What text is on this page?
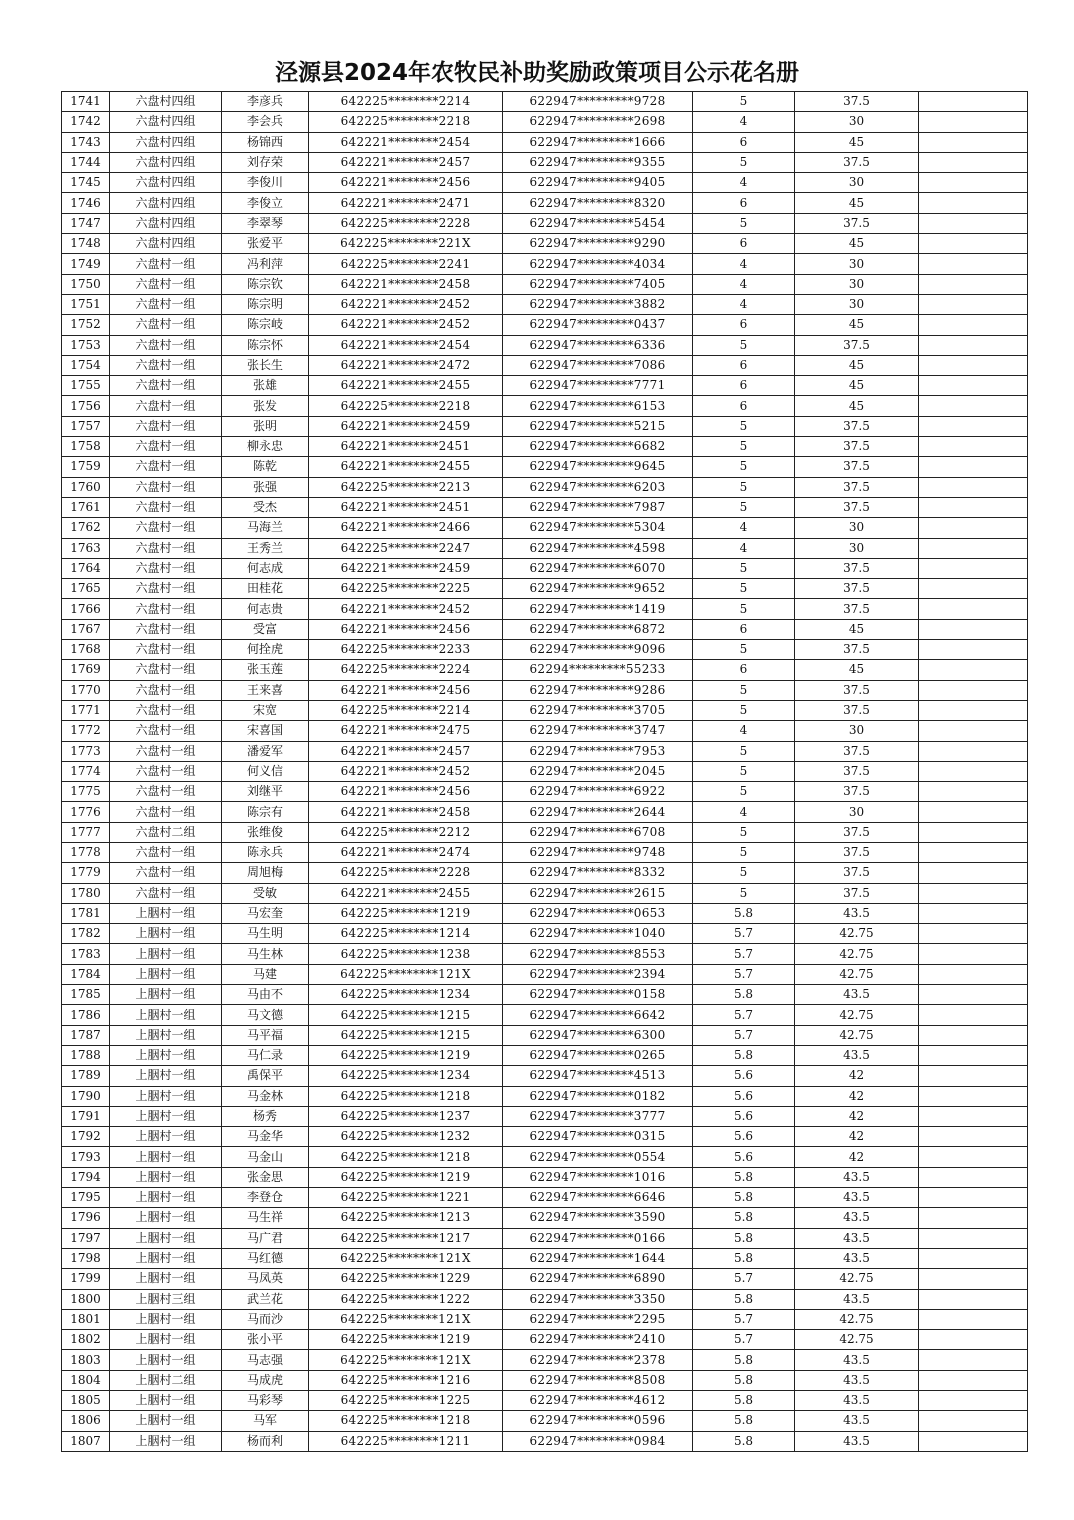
泾源县2024年农牧民补助奖励政策项目公示花名册
1741	六盘村四组	李彦兵	642225********2214	622947*********9728	5	37.5	
1742	六盘村四组	李会兵	642225********2218	622947*********2698	4	30	
1743	六盘村四组	杨锦西	642221********2454	622947*********1666	6	45	
1744	六盘村四组	刘存荣	642221********2457	622947*********9355	5	37.5	
1745	六盘村四组	李俊川	642221********2456	622947*********9405	4	30	
1746	六盘村四组	李俊立	642221********2471	622947*********8320	6	45	
1747	六盘村四组	李翠琴	642225********2228	622947*********5454	5	37.5	
1748	六盘村四组	张爱平	642225********221X	622947*********9290	6	45	
1749	六盘村一组	冯利萍	642225********2241	622947*********4034	4	30	
1750	六盘村一组	陈宗钦	642221********2458	622947*********7405	4	30	
1751	六盘村一组	陈宗明	642221********2452	622947*********3882	4	30	
1752	六盘村一组	陈宗岐	642221********2452	622947*********0437	6	45	
1753	六盘村一组	陈宗怀	642221********2454	622947*********6336	5	37.5	
1754	六盘村一组	张长生	642221********2472	622947*********7086	6	45	
1755	六盘村一组	张雄	642221********2455	622947*********7771	6	45	
1756	六盘村一组	张发	642225********2218	622947*********6153	6	45	
1757	六盘村一组	张明	642221********2459	622947*********5215	5	37.5	
1758	六盘村一组	柳永忠	642221********2451	622947*********6682	5	37.5	
1759	六盘村一组	陈乾	642221********2455	622947*********9645	5	37.5	
1760	六盘村一组	张强	642225********2213	622947*********6203	5	37.5	
1761	六盘村一组	受杰	642221********2451	622947*********7987	5	37.5	
1762	六盘村一组	马海兰	642221********2466	622947*********5304	4	30	
1763	六盘村一组	王秀兰	642225********2247	622947*********4598	4	30	
1764	六盘村一组	何志成	642221********2459	622947*********6070	5	37.5	
1765	六盘村一组	田桂花	642225********2225	622947*********9652	5	37.5	
1766	六盘村一组	何志贵	642221********2452	622947*********1419	5	37.5	
1767	六盘村一组	受富	642221********2456	622947*********6872	6	45	
1768	六盘村一组	何拴虎	642225********2233	622947*********9096	5	37.5	
1769	六盘村一组	张玉莲	642225********2224	62294*********55233	6	45	
1770	六盘村一组	王来喜	642221********2456	622947*********9286	5	37.5	
1771	六盘村一组	宋宽	642225********2214	622947*********3705	5	37.5	
1772	六盘村一组	宋喜国	642221********2475	622947*********3747	4	30	
1773	六盘村一组	潘爱军	642221********2457	622947*********7953	5	37.5	
1774	六盘村一组	何义信	642221********2452	622947*********2045	5	37.5	
1775	六盘村一组	刘继平	642221********2456	622947*********6922	5	37.5	
1776	六盘村一组	陈宗有	642221********2458	622947*********2644	4	30	
1777	六盘村二组	张维俊	642225********2212	622947*********6708	5	37.5	
1778	六盘村一组	陈永兵	642221********2474	622947*********9748	5	37.5	
1779	六盘村一组	周旭梅	642225********2228	622947*********8332	5	37.5	
1780	六盘村一组	受敏	642221********2455	622947*********2615	5	37.5	
1781	上胭村一组	马宏奎	642225********1219	622947*********0653	5.8	43.5	
1782	上胭村一组	马生明	642225********1214	622947*********1040	5.7	42.75	
1783	上胭村一组	马生林	642225********1238	622947*********8553	5.7	42.75	
1784	上胭村一组	马建	642225********121X	622947*********2394	5.7	42.75	
1785	上胭村一组	马由不	642225********1234	622947*********0158	5.8	43.5	
1786	上胭村一组	马文德	642225********1215	622947*********6642	5.7	42.75	
1787	上胭村一组	马平福	642225********1215	622947*********6300	5.7	42.75	
1788	上胭村一组	马仁录	642225********1219	622947*********0265	5.8	43.5	
1789	上胭村一组	禹保平	642225********1234	622947*********4513	5.6	42	
1790	上胭村一组	马金林	642225********1218	622947*********0182	5.6	42	
1791	上胭村一组	杨秀	642225********1237	622947*********3777	5.6	42	
1792	上胭村一组	马金华	642225********1232	622947*********0315	5.6	42	
1793	上胭村一组	马金山	642225********1218	622947*********0554	5.6	42	
1794	上胭村一组	张金思	642225********1219	622947*********1016	5.8	43.5	
1795	上胭村一组	李登仓	642225********1221	622947*********6646	5.8	43.5	
1796	上胭村一组	马生祥	642225********1213	622947*********3590	5.8	43.5	
1797	上胭村一组	马广君	642225********1217	622947*********0166	5.8	43.5	
1798	上胭村一组	马红德	642225********121X	622947*********1644	5.8	43.5	
1799	上胭村一组	马凤英	642225********1229	622947*********6890	5.7	42.75	
1800	上胭村三组	武兰花	642225********1222	622947*********3350	5.8	43.5	
1801	上胭村一组	马而沙	642225********121X	622947*********2295	5.7	42.75	
1802	上胭村一组	张小平	642225********1219	622947*********2410	5.7	42.75	
1803	上胭村一组	马志强	642225********121X	622947*********2378	5.8	43.5	
1804	上胭村二组	马成虎	642225********1216	622947*********8508	5.8	43.5	
1805	上胭村一组	马彩琴	642225********1225	622947*********4612	5.8	43.5	
1806	上胭村一组	马军	642225********1218	622947*********0596	5.8	43.5	
1807	上胭村一组	杨而利	642225********1211	622947*********0984	5.8	43.5	
